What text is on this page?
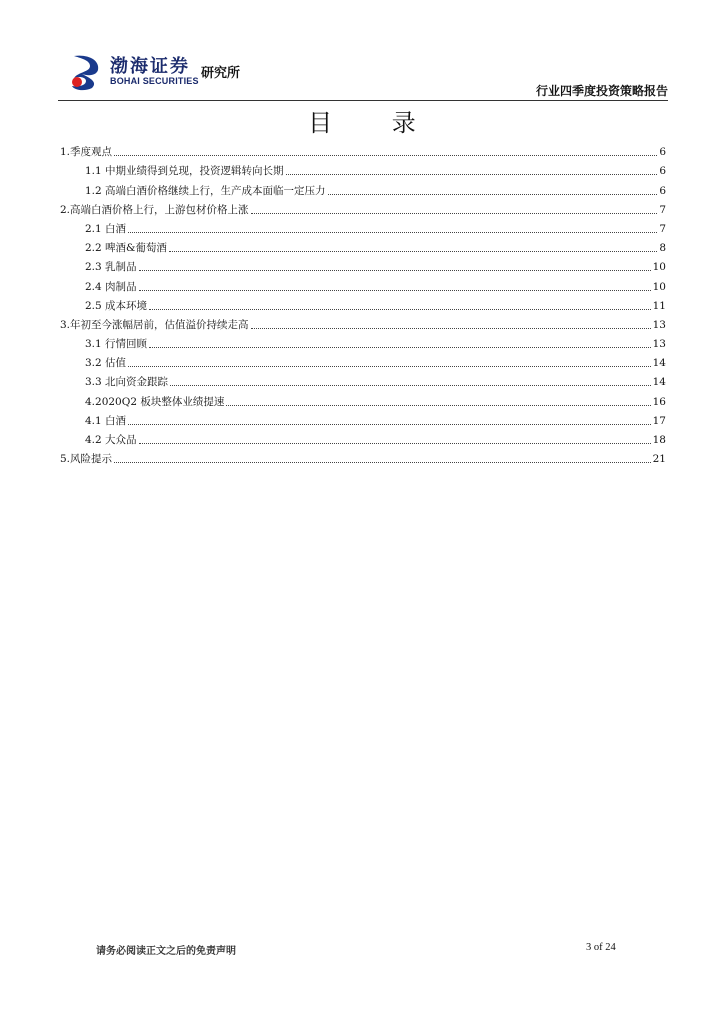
渤海证券
BOHAI SECURITIES 研究所
行业四季度投资策略报告
目 录
1.季度观点	6
1.1 中期业绩得到兑现，投资逻辑转向长期	6
1.2 高端白酒价格继续上行，生产成本面临一定压力	6
2.高端白酒价格上行，上游包材价格上涨	7
2.1 白酒	7
2.2 啤酒&葡萄酒	8
2.3 乳制品	10
2.4 肉制品	10
2.5 成本环境	11
3.年初至今涨幅居前，估值溢价持续走高	13
3.1 行情回顾	13
3.2 估值	14
3.3 北向资金跟踪	14
4.2020Q2 板块整体业绩提速	16
4.1 白酒	17
4.2 大众品	18
5.风险提示	21
请务必阅读正文之后的免责声明	3 of 24
